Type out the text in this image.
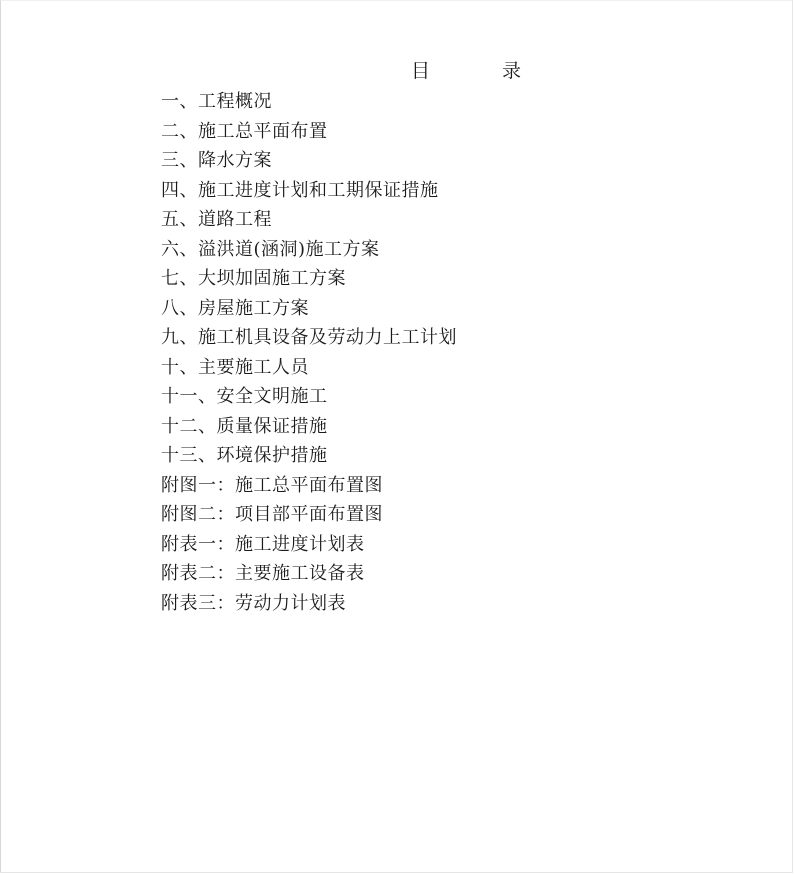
目	录
一、工程概况
二、施工总平面布置
三、降水方案
四、施工进度计划和工期保证措施
五、道路工程
六、溢洪道(涵洞)施工方案
七、大坝加固施工方案
八、房屋施工方案
九、施工机具设备及劳动力上工计划
十、主要施工人员
十一、安全文明施工
十二、质量保证措施
十三、环境保护措施
附图一：施工总平面布置图
附图二：项目部平面布置图
附表一：施工进度计划表
附表二：主要施工设备表
附表三：劳动力计划表
